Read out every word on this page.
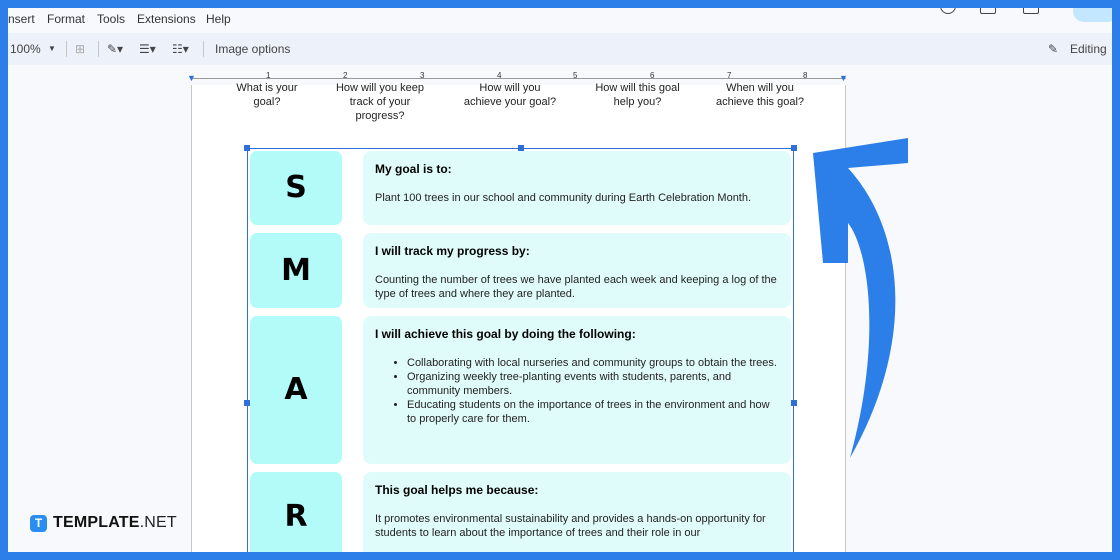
nsert Format Tools Extensions Help
100% ▼ ⊞ ✎▾ ☰▾ ☷▾ Image options	✎ Editing
1	2	3	4	5	6	7	8
▼	▼
What is your goal?
How will you keep track of your progress?
How will you achieve your goal?
How will this goal help you?
When will you achieve this goal?
S
My goal is to:
Plant 100 trees in our school and community during Earth Celebration Month.
M
I will track my progress by:
Counting the number of trees we have planted each week and keeping a log of the type of trees and where they are planted.
A
I will achieve this goal by doing the following:
• Collaborating with local nurseries and community groups to obtain the trees.
• Organizing weekly tree-planting events with students, parents, and community members.
• Educating students on the importance of trees in the environment and how to properly care for them.
R
This goal helps me because:
It promotes environmental sustainability and provides a hands-on opportunity for students to learn about the importance of trees and their role in our
T TEMPLATE.NET
